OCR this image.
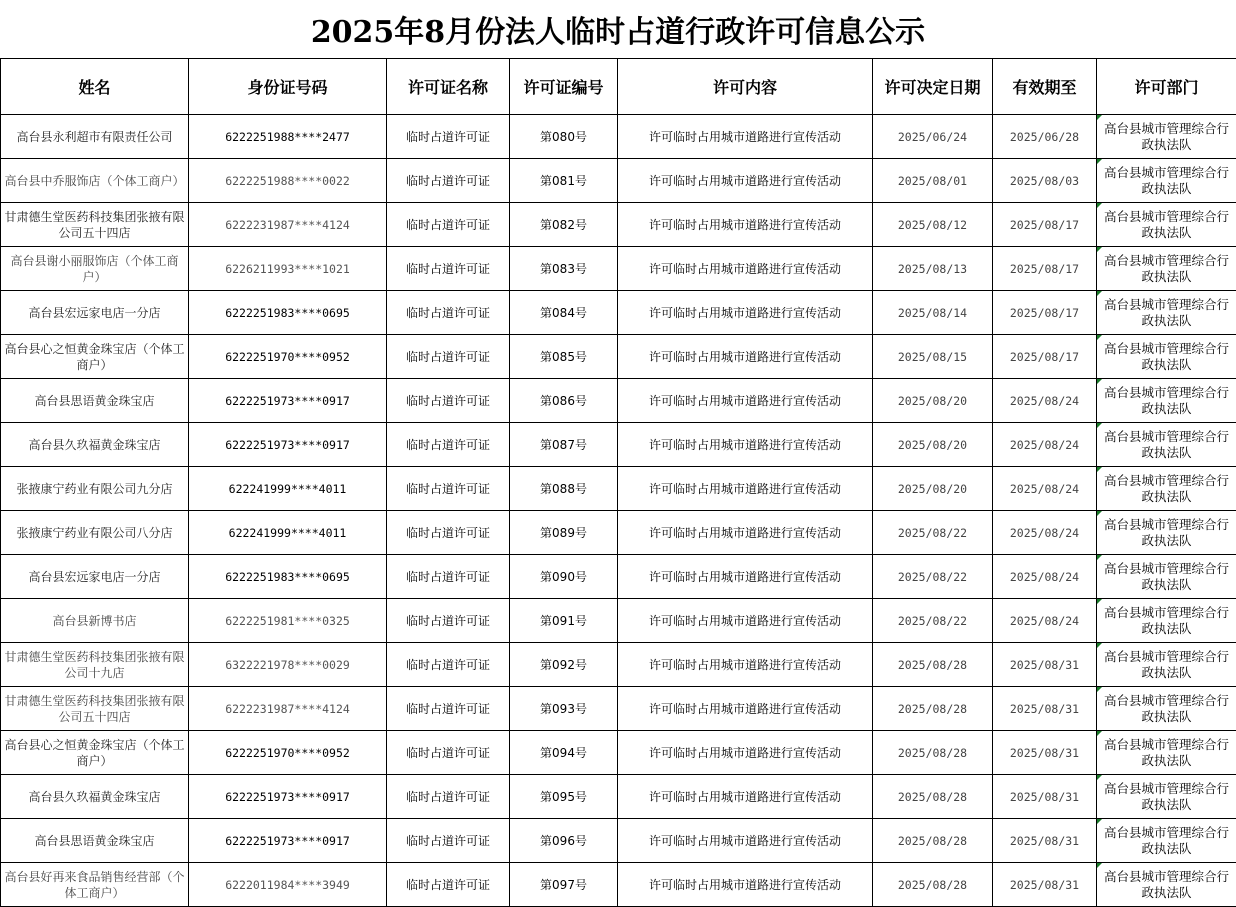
2025年8月份法人临时占道行政许可信息公示
姓名	身份证号码	许可证名称	许可证编号	许可内容	许可决定日期	有效期至	许可部门
高台县永利超市有限责任公司	6222251988****2477	临时占道许可证	第080号	许可临时占用城市道路进行宣传活动	2025/06/24	2025/06/28	高台县城市管理综合行政执法队
高台县中乔服饰店（个体工商户）	6222251988****0022	临时占道许可证	第081号	许可临时占用城市道路进行宣传活动	2025/08/01	2025/08/03	高台县城市管理综合行政执法队
甘肃德生堂医药科技集团张掖有限公司五十四店	6222231987****4124	临时占道许可证	第082号	许可临时占用城市道路进行宣传活动	2025/08/12	2025/08/17	高台县城市管理综合行政执法队
高台县谢小丽服饰店（个体工商户）	6226211993****1021	临时占道许可证	第083号	许可临时占用城市道路进行宣传活动	2025/08/13	2025/08/17	高台县城市管理综合行政执法队
高台县宏远家电店一分店	6222251983****0695	临时占道许可证	第084号	许可临时占用城市道路进行宣传活动	2025/08/14	2025/08/17	高台县城市管理综合行政执法队
高台县心之恒黄金珠宝店（个体工商户）	6222251970****0952	临时占道许可证	第085号	许可临时占用城市道路进行宣传活动	2025/08/15	2025/08/17	高台县城市管理综合行政执法队
高台县思语黄金珠宝店	6222251973****0917	临时占道许可证	第086号	许可临时占用城市道路进行宣传活动	2025/08/20	2025/08/24	高台县城市管理综合行政执法队
高台县久玖福黄金珠宝店	6222251973****0917	临时占道许可证	第087号	许可临时占用城市道路进行宣传活动	2025/08/20	2025/08/24	高台县城市管理综合行政执法队
张掖康宁药业有限公司九分店	622241999****4011	临时占道许可证	第088号	许可临时占用城市道路进行宣传活动	2025/08/20	2025/08/24	高台县城市管理综合行政执法队
张掖康宁药业有限公司八分店	622241999****4011	临时占道许可证	第089号	许可临时占用城市道路进行宣传活动	2025/08/22	2025/08/24	高台县城市管理综合行政执法队
高台县宏远家电店一分店	6222251983****0695	临时占道许可证	第090号	许可临时占用城市道路进行宣传活动	2025/08/22	2025/08/24	高台县城市管理综合行政执法队
高台县新博书店	6222251981****0325	临时占道许可证	第091号	许可临时占用城市道路进行宣传活动	2025/08/22	2025/08/24	高台县城市管理综合行政执法队
甘肃德生堂医药科技集团张掖有限公司十九店	6322221978****0029	临时占道许可证	第092号	许可临时占用城市道路进行宣传活动	2025/08/28	2025/08/31	高台县城市管理综合行政执法队
甘肃德生堂医药科技集团张掖有限公司五十四店	6222231987****4124	临时占道许可证	第093号	许可临时占用城市道路进行宣传活动	2025/08/28	2025/08/31	高台县城市管理综合行政执法队
高台县心之恒黄金珠宝店（个体工商户）	6222251970****0952	临时占道许可证	第094号	许可临时占用城市道路进行宣传活动	2025/08/28	2025/08/31	高台县城市管理综合行政执法队
高台县久玖福黄金珠宝店	6222251973****0917	临时占道许可证	第095号	许可临时占用城市道路进行宣传活动	2025/08/28	2025/08/31	高台县城市管理综合行政执法队
高台县思语黄金珠宝店	6222251973****0917	临时占道许可证	第096号	许可临时占用城市道路进行宣传活动	2025/08/28	2025/08/31	高台县城市管理综合行政执法队
高台县好再来食品销售经营部（个体工商户）	6222011984****3949	临时占道许可证	第097号	许可临时占用城市道路进行宣传活动	2025/08/28	2025/08/31	高台县城市管理综合行政执法队
